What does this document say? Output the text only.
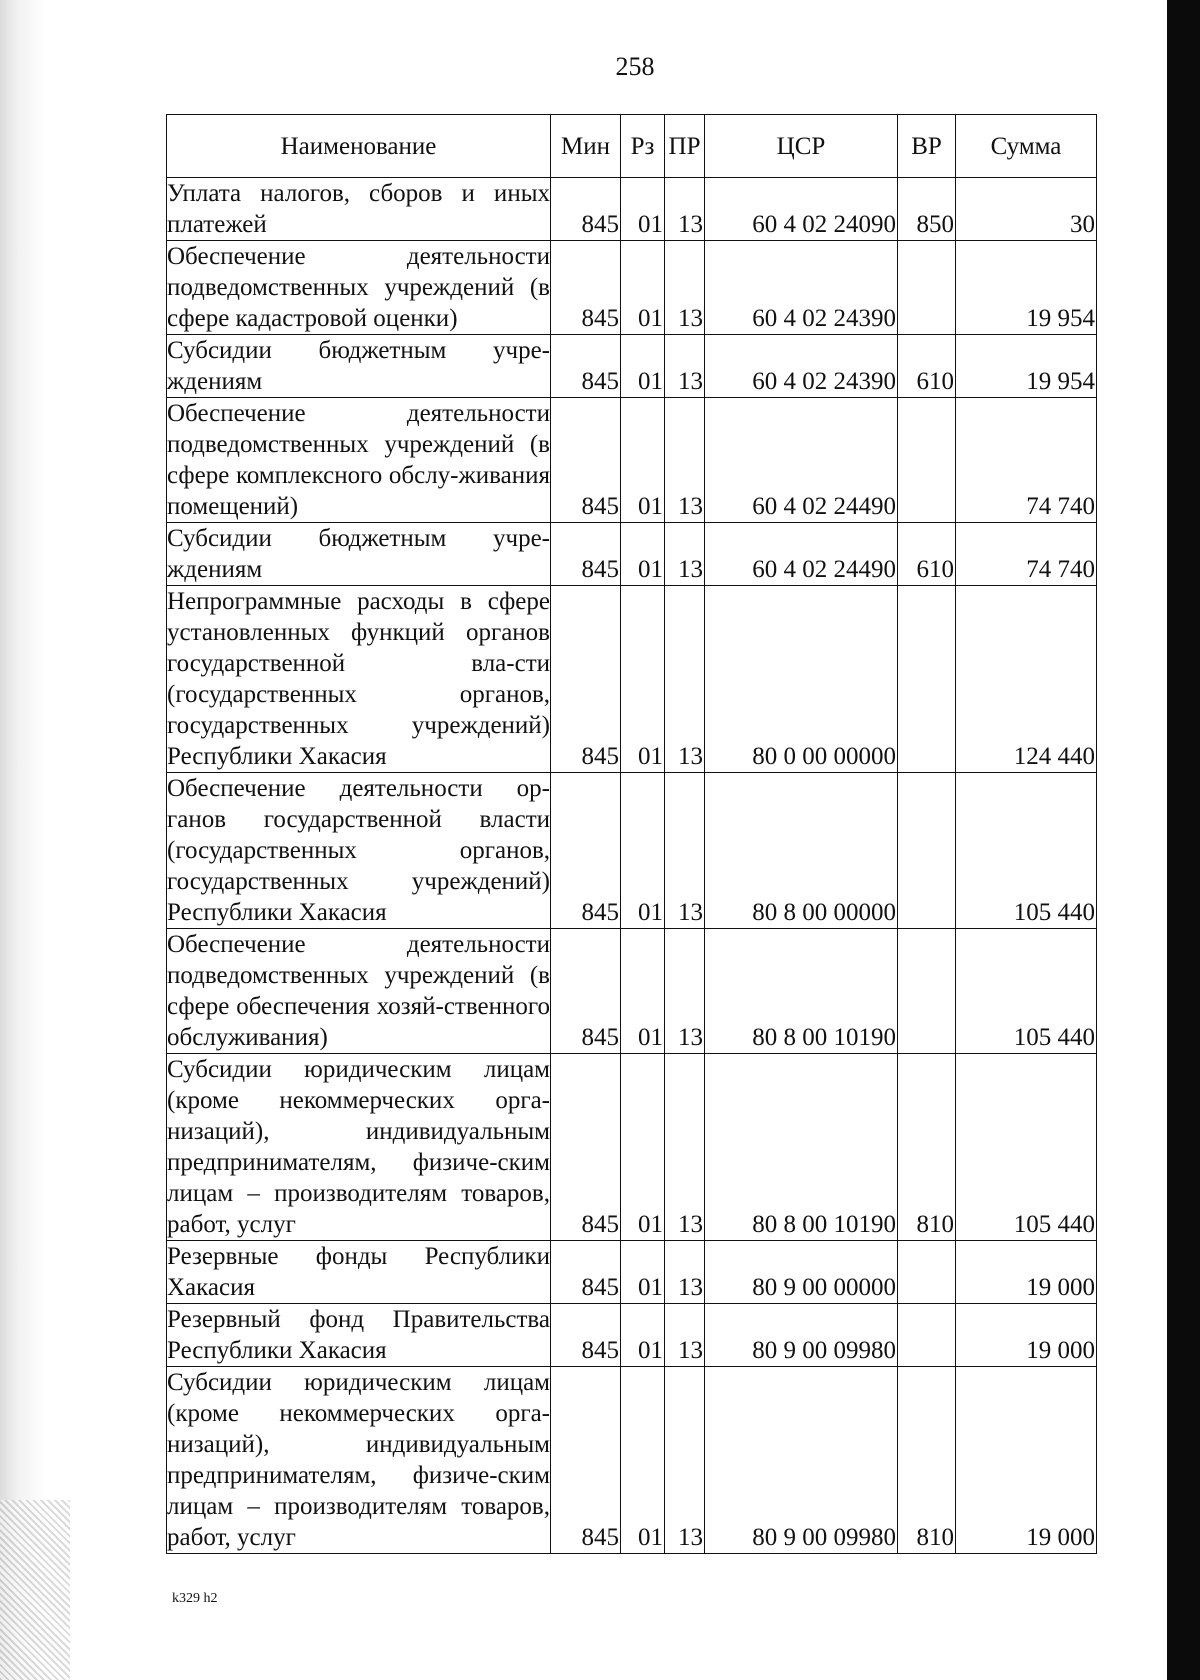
258
Наименование	Мин	Рз	ПР	ЦСР	ВР	Сумма
Уплата налогов, сборов и иных платежей	845	01	13	60 4 02 24090	850	30
Обеспечение деятельности подведомственных учреждений (в сфере кадастровой оценки)	845	01	13	60 4 02 24390		19 954
Субсидии бюджетным учре-ждениям	845	01	13	60 4 02 24390	610	19 954
Обеспечение деятельности подведомственных учреждений (в сфере комплексного обслу-живания помещений)	845	01	13	60 4 02 24490		74 740
Субсидии бюджетным учре-ждениям	845	01	13	60 4 02 24490	610	74 740
Непрограммные расходы в сфере установленных функций органов государственной вла-сти (государственных органов, государственных учреждений) Республики Хакасия	845	01	13	80 0 00 00000		124 440
Обеспечение деятельности ор-ганов государственной власти (государственных органов, государственных учреждений) Республики Хакасия	845	01	13	80 8 00 00000		105 440
Обеспечение деятельности подведомственных учреждений (в сфере обеспечения хозяй-ственного обслуживания)	845	01	13	80 8 00 10190		105 440
Субсидии юридическим лицам (кроме некоммерческих орга-низаций), индивидуальным предпринимателям, физиче-ским лицам – производителям товаров, работ, услуг	845	01	13	80 8 00 10190	810	105 440
Резервные фонды Республики Хакасия	845	01	13	80 9 00 00000		19 000
Резервный фонд Правительства Республики Хакасия	845	01	13	80 9 00 09980		19 000
Субсидии юридическим лицам (кроме некоммерческих орга-низаций), индивидуальным предпринимателям, физиче-ским лицам – производителям товаров, работ, услуг	845	01	13	80 9 00 09980	810	19 000
k329 h2
